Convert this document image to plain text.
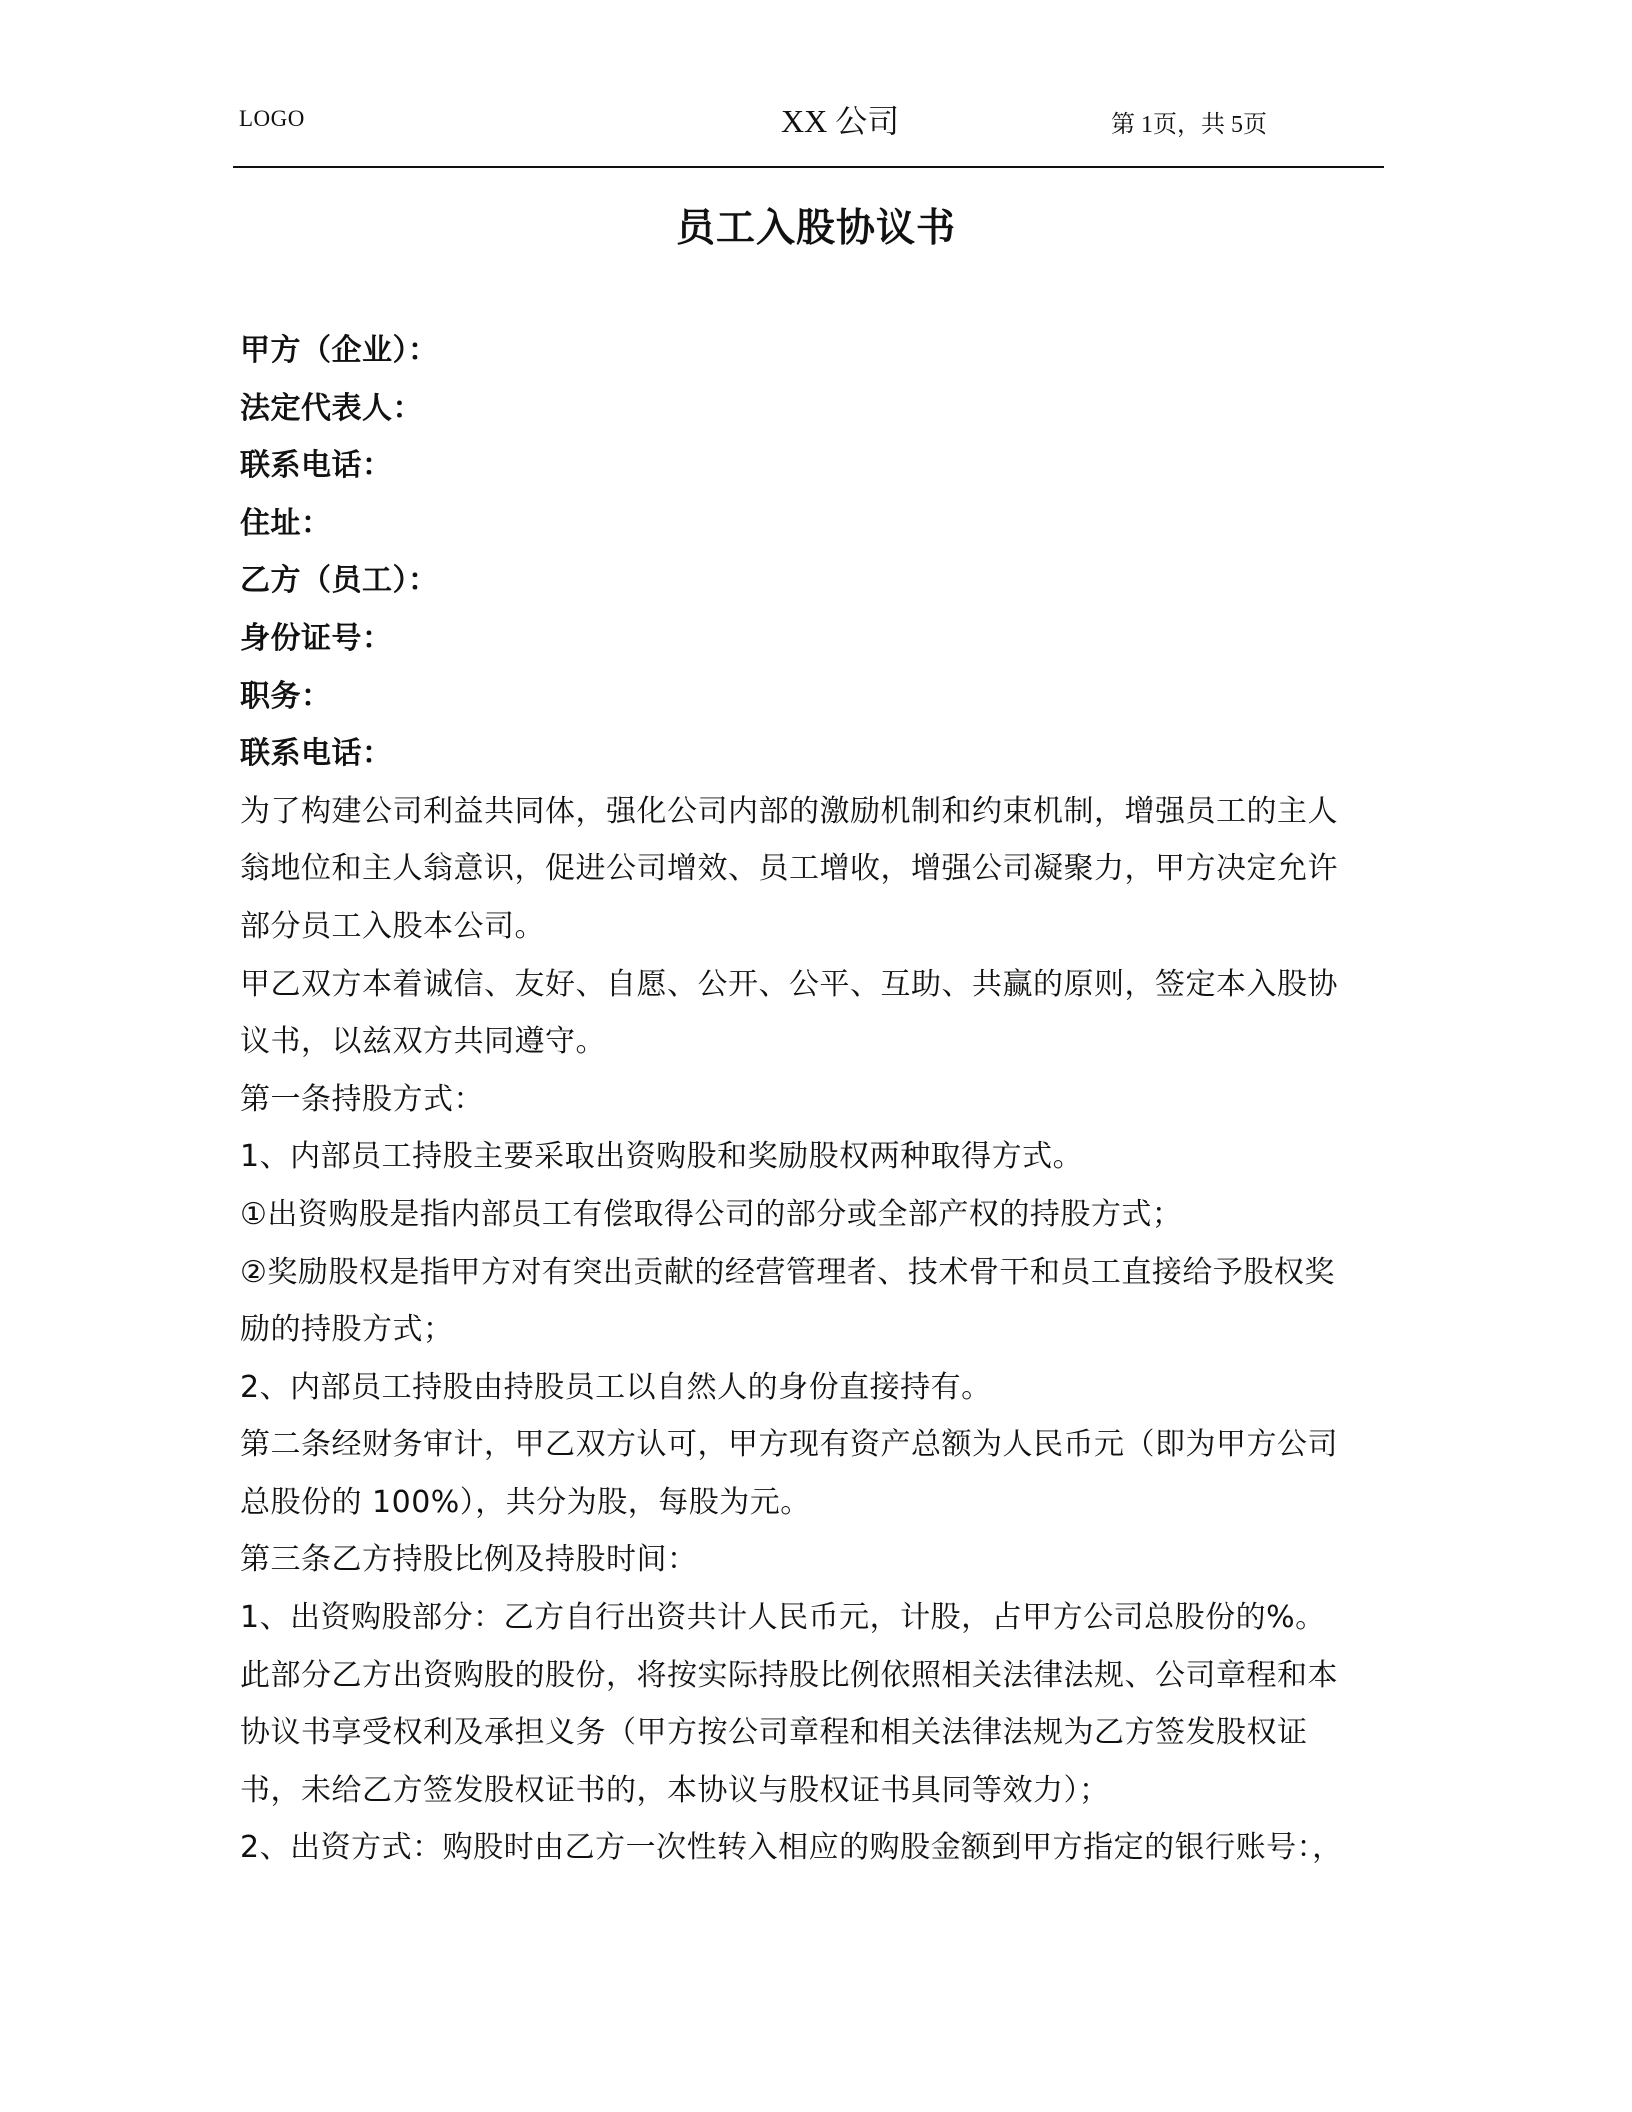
LOGO	XX 公司	第 1页，共 5页
员工入股协议书
甲方（企业）：
法定代表人：
联系电话：
住址：
乙方（员工）：
身份证号：
职务：
联系电话：
为了构建公司利益共同体，强化公司内部的激励机制和约束机制，增强员工的主人
翁地位和主人翁意识，促进公司增效、员工增收，增强公司凝聚力，甲方决定允许
部分员工入股本公司。
甲乙双方本着诚信、友好、自愿、公开、公平、互助、共赢的原则，签定本入股协
议书，以兹双方共同遵守。
第一条持股方式：
1、内部员工持股主要采取出资购股和奖励股权两种取得方式。
①出资购股是指内部员工有偿取得公司的部分或全部产权的持股方式；
②奖励股权是指甲方对有突出贡献的经营管理者、技术骨干和员工直接给予股权奖
励的持股方式；
2、内部员工持股由持股员工以自然人的身份直接持有。
第二条经财务审计，甲乙双方认可，甲方现有资产总额为人民币元（即为甲方公司
总股份的 100%），共分为股，每股为元。
第三条乙方持股比例及持股时间：
1、出资购股部分：乙方自行出资共计人民币元，计股，占甲方公司总股份的%。
此部分乙方出资购股的股份，将按实际持股比例依照相关法律法规、公司章程和本
协议书享受权利及承担义务（甲方按公司章程和相关法律法规为乙方签发股权证
书，未给乙方签发股权证书的，本协议与股权证书具同等效力）；
2、出资方式：购股时由乙方一次性转入相应的购股金额到甲方指定的银行账号：，
